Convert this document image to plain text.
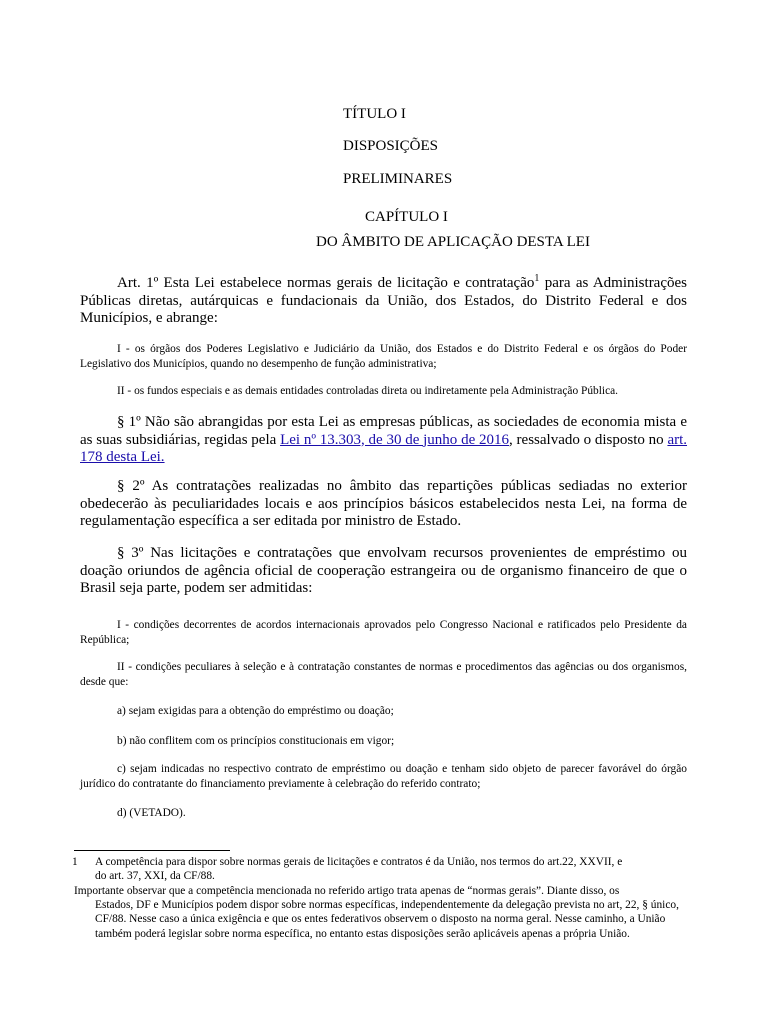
TÍTULO I
DISPOSIÇÕES
PRELIMINARES
CAPÍTULO I
DO ÂMBITO DE APLICAÇÃO DESTA LEI
Art. 1º Esta Lei estabelece normas gerais de licitação e contratação$^1$ para as Administrações Públicas diretas, autárquicas e fundacionais da União, dos Estados, do Distrito Federal e dos Municípios, e abrange:
I - os órgãos dos Poderes Legislativo e Judiciário da União, dos Estados e do Distrito Federal e os órgãos do Poder Legislativo dos Municípios, quando no desempenho de função administrativa;
II - os fundos especiais e as demais entidades controladas direta ou indiretamente pela Administração Pública.
§ 1º Não são abrangidas por esta Lei as empresas públicas, as sociedades de economia mista e as suas subsidiárias, regidas pela Lei nº 13.303, de 30 de junho de 2016, ressalvado o disposto no art. 178 desta Lei.
§ 2º As contratações realizadas no âmbito das repartições públicas sediadas no exterior obedecerão às peculiaridades locais e aos princípios básicos estabelecidos nesta Lei, na forma de regulamentação específica a ser editada por ministro de Estado.
§ 3º Nas licitações e contratações que envolvam recursos provenientes de empréstimo ou doação oriundos de agência oficial de cooperação estrangeira ou de organismo financeiro de que o Brasil seja parte, podem ser admitidas:
I - condições decorrentes de acordos internacionais aprovados pelo Congresso Nacional e ratificados pelo Presidente da República;
II - condições peculiares à seleção e à contratação constantes de normas e procedimentos das agências ou dos organismos, desde que:
a) sejam exigidas para a obtenção do empréstimo ou doação;
b) não conflitem com os princípios constitucionais em vigor;
c) sejam indicadas no respectivo contrato de empréstimo ou doação e tenham sido objeto de parecer favorável do órgão jurídico do contratante do financiamento previamente à celebração do referido contrato;
d) (VETADO).
1 A competência para dispor sobre normas gerais de licitações e contratos é da União, nos termos do art.22, XXVII, e
do art. 37, XXI, da CF/88.
Importante observar que a competência mencionada no referido artigo trata apenas de “normas gerais”. Diante disso, os
Estados, DF e Municípios podem dispor sobre normas específicas, independentemente da delegação prevista no art, 22, § único, CF/88. Nesse caso a única exigência e que os entes federativos observem o disposto na norma geral. Nesse caminho, a União também poderá legislar sobre norma específica, no entanto estas disposições serão aplicáveis apenas a própria União.
